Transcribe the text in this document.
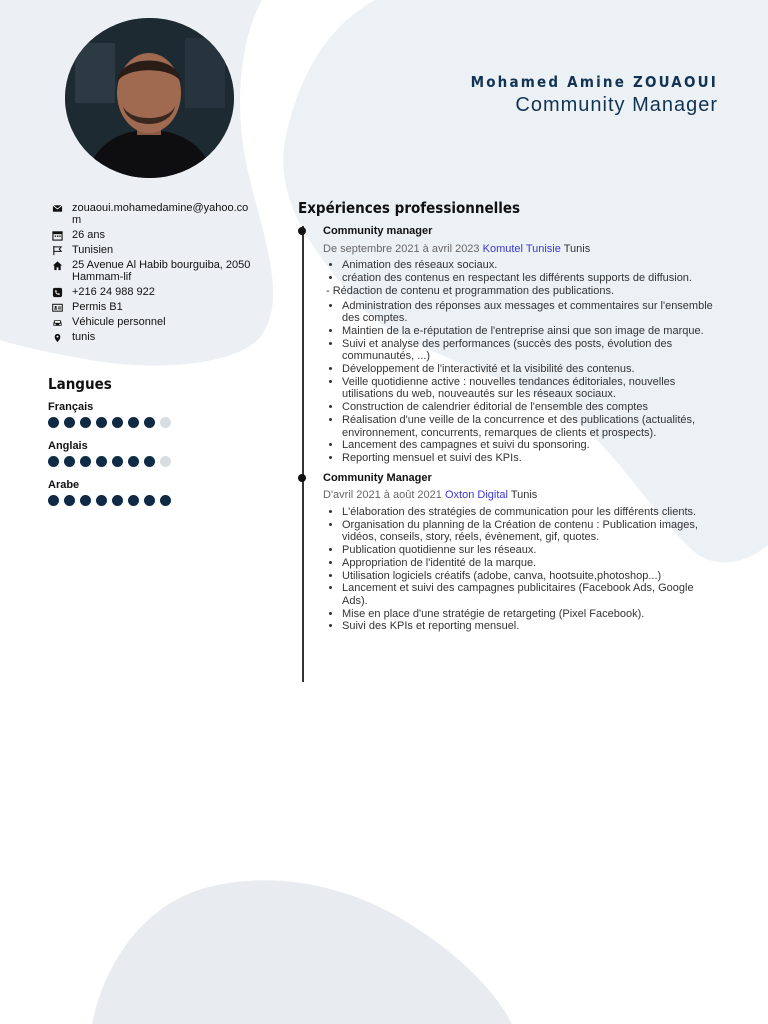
Mohamed Amine ZOUAOUI
Community Manager
zouaoui.mohamedamine@yahoo.com
26 ans
Tunisien
25 Avenue Al Habib bourguiba, 2050 Hammam-lif
+216 24 988 922
Permis B1
Véhicule personnel
tunis
Langues
Français
Anglais
Arabe
Expériences professionnelles
Community manager
De septembre 2021 à avril 2023 Komutel Tunisie Tunis
• Animation des réseaux sociaux.
• création des contenus en respectant les différents supports de diffusion.
- Rédaction de contenu et programmation des publications.
• Administration des réponses aux messages et commentaires sur l'ensemble des comptes.
• Maintien de la e-réputation de l'entreprise ainsi que son image de marque.
• Suivi et analyse des performances (succès des posts, évolution des communautés, ...)
• Développement de l'interactivité et la visibilité des contenus.
• Veille quotidienne active : nouvelles tendances éditoriales, nouvelles utilisations du web, nouveautés sur les réseaux sociaux.
• Construction de calendrier éditorial de l'ensemble des comptes
• Réalisation d'une veille de la concurrence et des publications (actualités, environnement, concurrents, remarques de clients et prospects).
• Lancement des campagnes et suivi du sponsoring.
• Reporting mensuel et suivi des KPIs.
Community Manager
D'avril 2021 à août 2021 Oxton Digital Tunis
• L'élaboration des stratégies de communication pour les différents clients.
• Organisation du planning de la Création de contenu : Publication images, vidéos, conseils, story, réels, évènement, gif, quotes.
• Publication quotidienne sur les réseaux.
• Appropriation de l'identité de la marque.
• Utilisation logiciels créatifs (adobe, canva, hootsuite,photoshop...)
• Lancement et suivi des campagnes publicitaires (Facebook Ads, Google Ads).
• Mise en place d'une stratégie de retargeting (Pixel Facebook).
• Suivi des KPIs et reporting mensuel.
